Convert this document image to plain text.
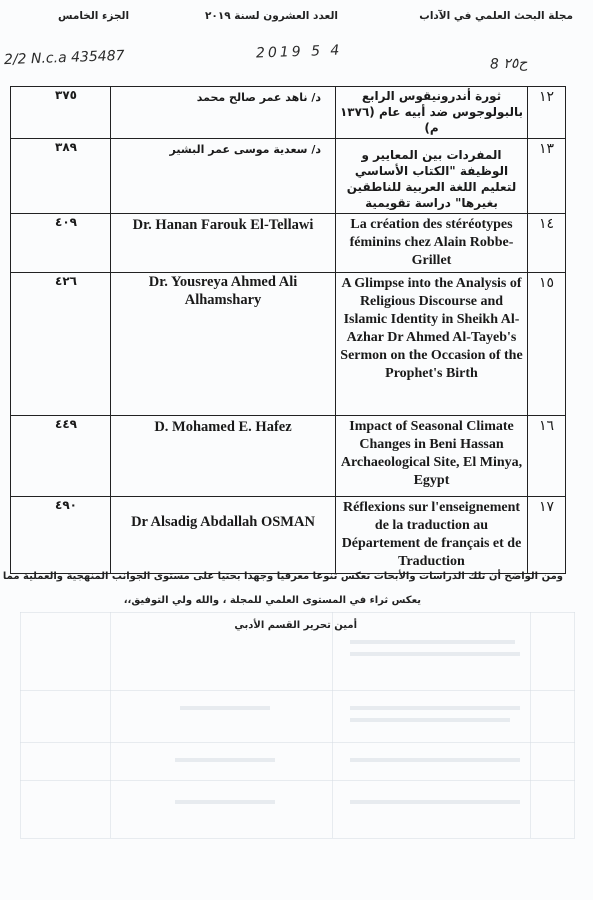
مجلة البحث العلمي في الآداب
العدد العشرون لسنة ٢٠١٩
الجزء الخامس
2/2 N.c.a 435487	2019 5 4
ح٢٥ 8
٣٧٥	د/ ناهد عمر صالح محمد	ثورة أندرونيقوس الرابع بالبولوجوس ضد أبيه عام (١٣٧٦ م)	١٢

٣٨٩	د/ سعدية موسى عمر البشير	المفردات بين المعايير و الوظيفة "الكتاب الأساسي لتعليم اللغة العربية للناطقين بغيرها" دراسة تقويمية	١٣

٤٠٩	Dr. Hanan Farouk El-Tellawi	La création des stéréotypes féminins chez Alain Robbe-Grillet	١٤

٤٢٦	Dr. Yousreya Ahmed Ali Alhamshary	A Glimpse into the Analysis of Religious Discourse and Islamic Identity in Sheikh Al-Azhar Dr Ahmed Al-Tayeb's Sermon on the Occasion of the Prophet's Birth	١٥

٤٤٩	D. Mohamed E. Hafez	Impact of Seasonal Climate Changes in Beni Hassan Archaeological Site, El Minya, Egypt	١٦

٤٩٠	Dr Alsadig Abdallah OSMAN	Réflexions sur l'enseignement de la traduction au Département de français et de Traduction	١٧
ومن الواضح أن تلك الدراسات والأبحاث تعكس تنوعا معرفيا وجهدا بحثيا على مستوى الجوانب المنهجية والعملية مما
يعكس ثراء في المستوى العلمي للمجلة ، والله ولي التوفيق،،
أمين تحرير القسم الأدبي
